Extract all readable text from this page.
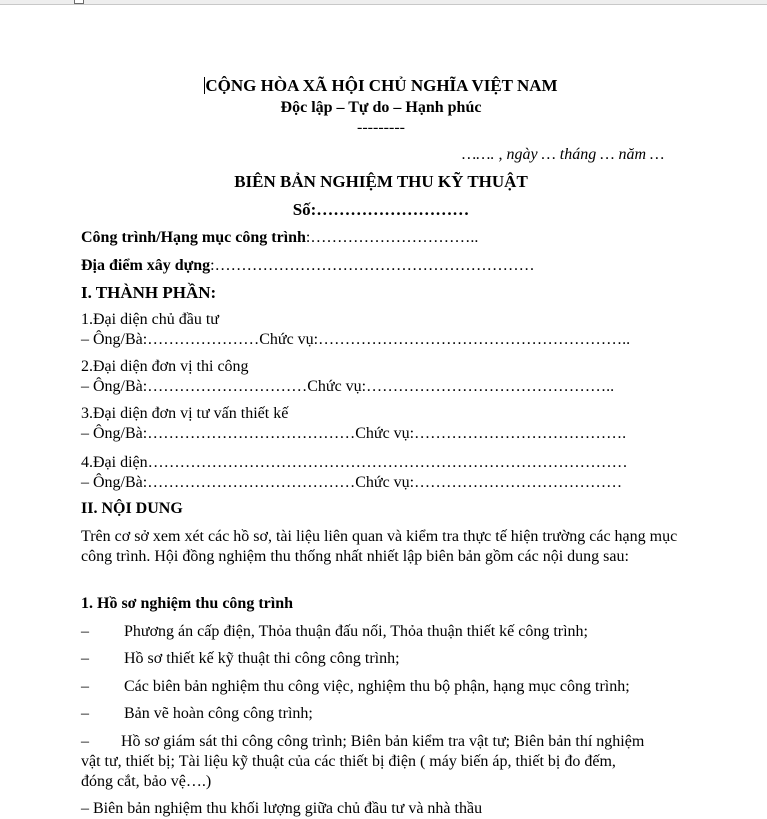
CỘNG HÒA XÃ HỘI CHỦ NGHĨA VIỆT NAM
Độc lập – Tự do – Hạnh phúc
---------
……. , ngày … tháng … năm …
BIÊN BẢN NGHIỆM THU KỸ THUẬT
Số:………………………
Công trình/Hạng mục công trình:…………………………..
Địa điểm xây dựng:……………………………………………………
I. THÀNH PHẦN:
1.Đại diện chủ đầu tư
– Ông/Bà:…………………Chức vụ:…………………………………………………..
2.Đại diện đơn vị thi công
– Ông/Bà:…………………………Chức vụ:………………………………………..
3.Đại diện đơn vị tư vấn thiết kế
– Ông/Bà:…………………………………Chức vụ:………………………………….
4.Đại diện………………………………………………………………………………
– Ông/Bà:…………………………………Chức vụ:…………………………………
II. NỘI DUNG
Trên cơ sở xem xét các hồ sơ, tài liệu liên quan và kiểm tra thực tế hiện trường các hạng mục công trình. Hội đồng nghiệm thu thống nhất nhiết lập biên bản gồm các nội dung sau:
1. Hồ sơ nghiệm thu công trình
– Phương án cấp điện, Thỏa thuận đấu nối, Thỏa thuận thiết kế công trình;
– Hồ sơ thiết kế kỹ thuật thi công công trình;
– Các biên bản nghiệm thu công việc, nghiệm thu bộ phận, hạng mục công trình;
– Bản vẽ hoàn công công trình;
– Hồ sơ giám sát thi công công trình; Biên bản kiểm tra vật tư; Biên bản thí nghiệm
vật tư, thiết bị; Tài liệu kỹ thuật của các thiết bị điện ( máy biến áp, thiết bị đo đếm,
đóng cắt, bảo vệ….)
– Biên bản nghiệm thu khối lượng giữa chủ đầu tư và nhà thầu
